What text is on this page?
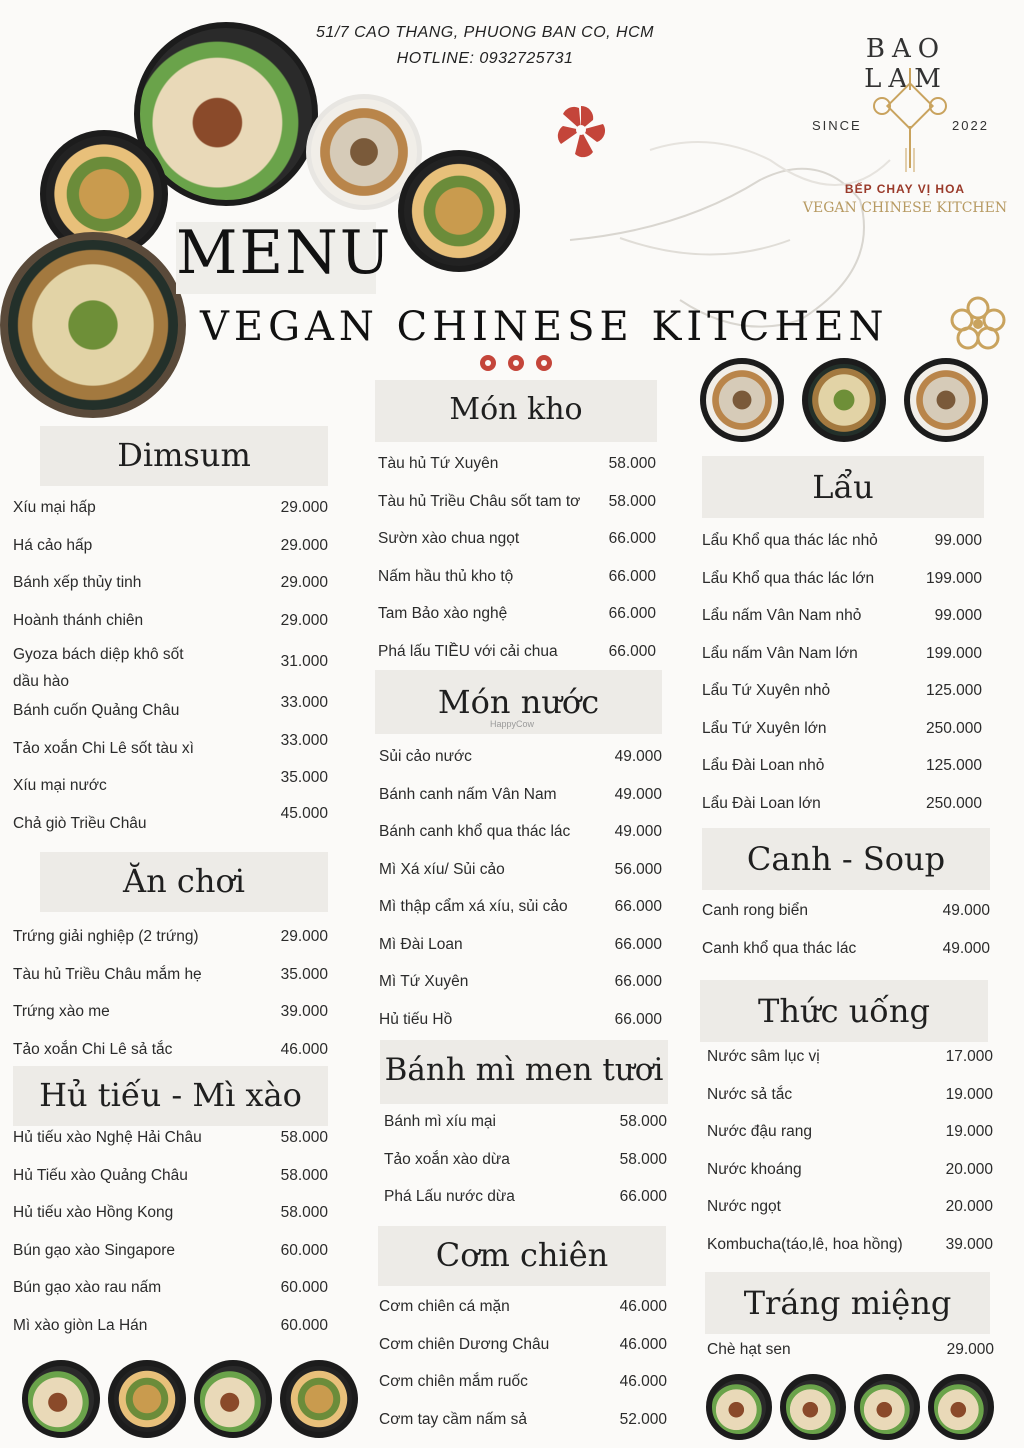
51/7 CAO THANG, PHUONG BAN CO, HCM
HOTLINE: 0932725731	BAO LAM
SINCE	2022
BẾP CHAY VỊ HOA
VEGAN CHINESE KITCHEN
MENU
VEGAN CHINESE KITCHEN
Dimsum
Xíu mại hấp	29.000
Há cảo hấp	29.000
Bánh xếp thủy tinh	29.000
Hoành thánh chiên	29.000
Gyoza bách diệp khô sốt dầu hào
31.000
Bánh cuốn Quảng Châu	33.000
Tảo xoắn Chi Lê sốt tàu xì	33.000
Xíu mại nước	35.000
Chả giò Triều Châu
45.000
Ăn chơi
Trứng giải nghiệp (2 trứng)	29.000
Tàu hủ Triều Châu mắm hẹ	35.000
Trứng xào me	39.000
Tảo xoắn Chi Lê sả tắc	46.000
Hủ tiếu - Mì xào
Hủ tiếu xào Nghệ Hải Châu	58.000
Hủ Tiếu xào Quảng Châu	58.000
Hủ tiếu xào Hồng Kong	58.000
Bún gạo xào Singapore	60.000
Bún gạo xào rau nấm	60.000
Mì xào giòn La Hán	60.000
Món kho
Tàu hủ Tứ Xuyên	58.000
Tàu hủ Triều Châu sốt tam tơ 58.000
Sườn xào chua ngọt	66.000
Nấm hầu thủ kho tộ	66.000
Tam Bảo xào nghệ	66.000
Phá lấu TIỀU với cải chua	66.000
Món nước
HappyCow
Sủi cảo nước	49.000
Bánh canh nấm Vân Nam	49.000
Bánh canh khổ qua thác lác	49.000
Mì Xá xíu/ Sủi cảo	56.000
Mì thập cẩm xá xíu, sủi cảo	66.000
Mì Đài Loan	66.000
Mì Tứ Xuyên	66.000
Hủ tiếu Hồ	66.000
Bánh mì men tươi
Bánh mì xíu mại	58.000
Tảo xoắn xào dừa	58.000
Phá Lấu nước dừa	66.000
Cơm chiên
Cơm chiên cá mặn	46.000
Cơm chiên Dương Châu	46.000
Cơm chiên mắm ruốc	46.000
Cơm tay cầm nấm sả	52.000
Lẩu
Lẩu Khổ qua thác lác nhỏ	99.000
Lẩu Khổ qua thác lác lớn	199.000
Lẩu nấm Vân Nam nhỏ	99.000
Lẩu nấm Vân Nam lớn	199.000
Lẩu Tứ Xuyên nhỏ	125.000
Lẩu Tứ Xuyên lớn	250.000
Lẩu Đài Loan nhỏ	125.000
Lẩu Đài Loan lớn	250.000
Canh - Soup
Canh rong biển	49.000
Canh khổ qua thác lác	49.000
Thức uống
Nước sâm lục vị	17.000
Nước sả tắc	19.000
Nước đậu rang	19.000
Nước khoáng	20.000
Nước ngọt	20.000
Kombucha(táo,lê, hoa hồng)	39.000
Tráng miệng
Chè hạt sen	29.000
